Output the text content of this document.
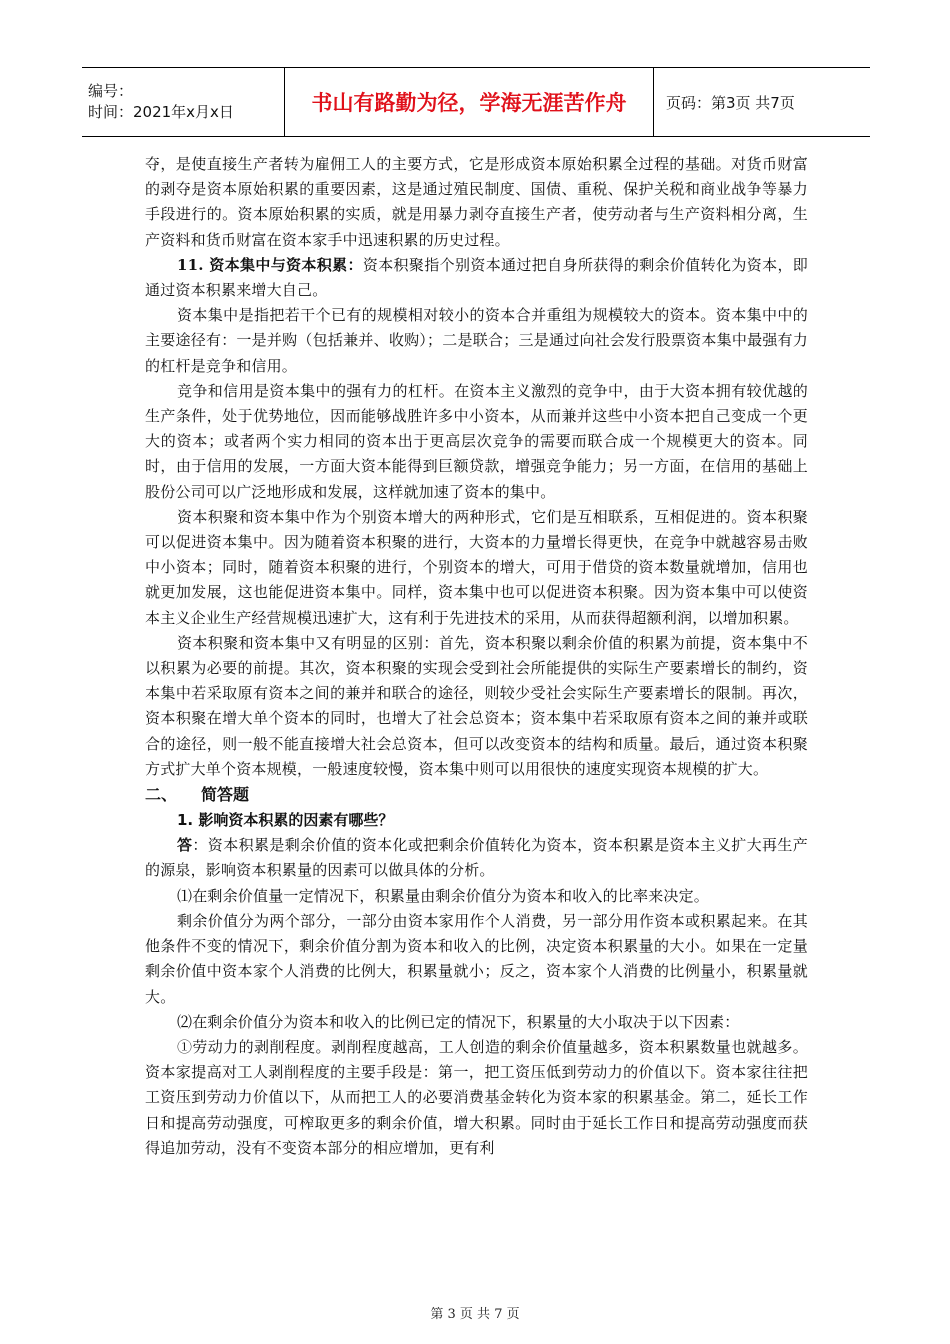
编号：
时间：2021年x月x日	书山有路勤为径，学海无涯苦作舟	页码：第3页 共7页

夺，是使直接生产者转为雇佣工人的主要方式，它是形成资本原始积累全过程的基础。对货币财富的剥夺是资本原始积累的重要因素，这是通过殖民制度、国债、重税、保护关税和商业战争等暴力手段进行的。资本原始积累的实质，就是用暴力剥夺直接生产者，使劳动者与生产资料相分离，生产资料和货币财富在资本家手中迅速积累的历史过程。

11. 资本集中与资本积累：资本积聚指个别资本通过把自身所获得的剩余价值转化为资本，即通过资本积累来增大自己。

资本集中是指把若干个已有的规模相对较小的资本合并重组为规模较大的资本。资本集中中的主要途径有：一是并购（包括兼并、收购）；二是联合；三是通过向社会发行股票资本集中最强有力的杠杆是竞争和信用。

竞争和信用是资本集中的强有力的杠杆。在资本主义激烈的竞争中，由于大资本拥有较优越的生产条件，处于优势地位，因而能够战胜许多中小资本，从而兼并这些中小资本把自己变成一个更大的资本；或者两个实力相同的资本出于更高层次竞争的需要而联合成一个规模更大的资本。同时，由于信用的发展，一方面大资本能得到巨额贷款，增强竞争能力；另一方面，在信用的基础上股份公司可以广泛地形成和发展，这样就加速了资本的集中。

资本积聚和资本集中作为个别资本增大的两种形式，它们是互相联系，互相促进的。资本积聚可以促进资本集中。因为随着资本积聚的进行，大资本的力量增长得更快，在竞争中就越容易击败中小资本；同时，随着资本积聚的进行，个别资本的增大，可用于借贷的资本数量就增加，信用也就更加发展，这也能促进资本集中。同样，资本集中也可以促进资本积聚。因为资本集中可以使资本主义企业生产经营规模迅速扩大，这有利于先进技术的采用，从而获得超额利润，以增加积累。

资本积聚和资本集中又有明显的区别：首先，资本积聚以剩余价值的积累为前提，资本集中不以积累为必要的前提。其次，资本积聚的实现会受到社会所能提供的实际生产要素增长的制约，资本集中若采取原有资本之间的兼并和联合的途径，则较少受社会实际生产要素增长的限制。再次，资本积聚在增大单个资本的同时，也增大了社会总资本；资本集中若采取原有资本之间的兼并或联合的途径，则一般不能直接增大社会总资本，但可以改变资本的结构和质量。最后，通过资本积聚方式扩大单个资本规模，一般速度较慢，资本集中则可以用很快的速度实现资本规模的扩大。

二、 简答题

1. 影响资本积累的因素有哪些？

答：资本积累是剩余价值的资本化或把剩余价值转化为资本，资本积累是资本主义扩大再生产的源泉，影响资本积累量的因素可以做具体的分析。

⑴在剩余价值量一定情况下，积累量由剩余价值分为资本和收入的比率来决定。

剩余价值分为两个部分，一部分由资本家用作个人消费，另一部分用作资本或积累起来。在其他条件不变的情况下，剩余价值分割为资本和收入的比例，决定资本积累量的大小。如果在一定量剩余价值中资本家个人消费的比例大，积累量就小；反之，资本家个人消费的比例量小，积累量就大。

⑵在剩余价值分为资本和收入的比例已定的情况下，积累量的大小取决于以下因素：

①劳动力的剥削程度。剥削程度越高，工人创造的剩余价值量越多，资本积累数量也就越多。资本家提高对工人剥削程度的主要手段是：第一，把工资压低到劳动力的价值以下。资本家往往把工资压到劳动力价值以下，从而把工人的必要消费基金转化为资本家的积累基金。第二，延长工作日和提高劳动强度，可榨取更多的剩余价值，增大积累。同时由于延长工作日和提高劳动强度而获得追加劳动，没有不变资本部分的相应增加，更有利

第 3 页 共 7 页
